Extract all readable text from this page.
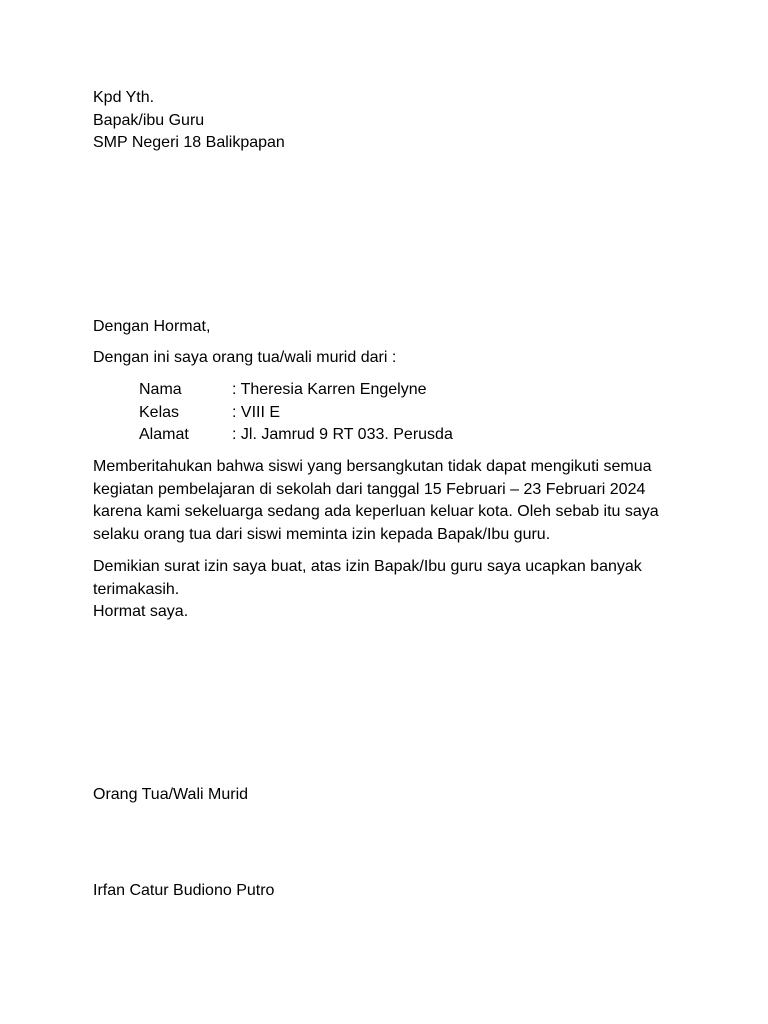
Kpd Yth.
Bapak/ibu Guru
SMP Negeri 18 Balikpapan
Dengan Hormat,
Dengan ini saya orang tua/wali murid dari :
Nama	: Theresia Karren Engelyne
Kelas	: VIII E
Alamat	: Jl. Jamrud 9 RT 033. Perusda
Memberitahukan bahwa siswi yang bersangkutan tidak dapat mengikuti semua
kegiatan pembelajaran di sekolah dari tanggal 15 Februari – 23 Februari 2024
karena kami sekeluarga sedang ada keperluan keluar kota. Oleh sebab itu saya
selaku orang tua dari siswi meminta izin kepada Bapak/Ibu guru.
Demikian surat izin saya buat, atas izin Bapak/Ibu guru saya ucapkan banyak
terimakasih.
Hormat saya.
Orang Tua/Wali Murid
Irfan Catur Budiono Putro
